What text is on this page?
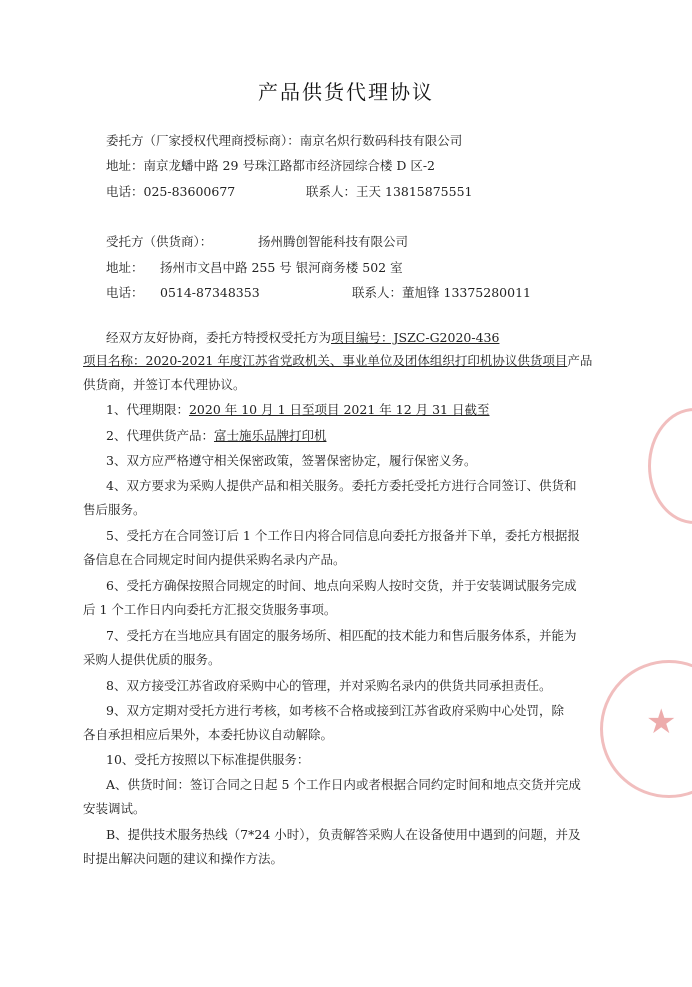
产品供货代理协议
委托方（厂家授权代理商授标商）：南京名炽行数码科技有限公司
地址：南京龙蟠中路 29 号珠江路都市经济园综合楼 D 区-2
电话：025-83600677	联系人：王天 13815875551
受托方（供货商）：	扬州腾创智能科技有限公司
地址： 扬州市文昌中路 255 号 银河商务楼 502 室
电话： 0514-87348353	联系人：董旭锋 13375280011
经双方友好协商，委托方特授权受托方为项目编号：JSZC-G2020-436
项目名称：2020-2021 年度江苏省党政机关、事业单位及团体组织打印机协议供货项目产品
供货商，并签订本代理协议。
1、代理期限：2020 年 10 月 1 日至项目 2021 年 12 月 31 日截至
2、代理供货产品：富士施乐品牌打印机
3、双方应严格遵守相关保密政策，签署保密协定，履行保密义务。
4、双方要求为采购人提供产品和相关服务。委托方委托受托方进行合同签订、供货和
售后服务。
5、受托方在合同签订后 1 个工作日内将合同信息向委托方报备并下单，委托方根据报
备信息在合同规定时间内提供采购名录内产品。
6、受托方确保按照合同规定的时间、地点向采购人按时交货，并于安装调试服务完成
后 1 个工作日内向委托方汇报交货服务事项。
7、受托方在当地应具有固定的服务场所、相匹配的技术能力和售后服务体系，并能为
采购人提供优质的服务。
8、双方接受江苏省政府采购中心的管理，并对采购名录内的供货共同承担责任。
9、双方定期对受托方进行考核，如考核不合格或接到江苏省政府采购中心处罚，除
各自承担相应后果外，本委托协议自动解除。
10、受托方按照以下标准提供服务：
A、供货时间：签订合同之日起 5 个工作日内或者根据合同约定时间和地点交货并完成
安装调试。
B、提供技术服务热线（7*24 小时），负责解答采购人在设备使用中遇到的问题，并及
时提出解决问题的建议和操作方法。
★
